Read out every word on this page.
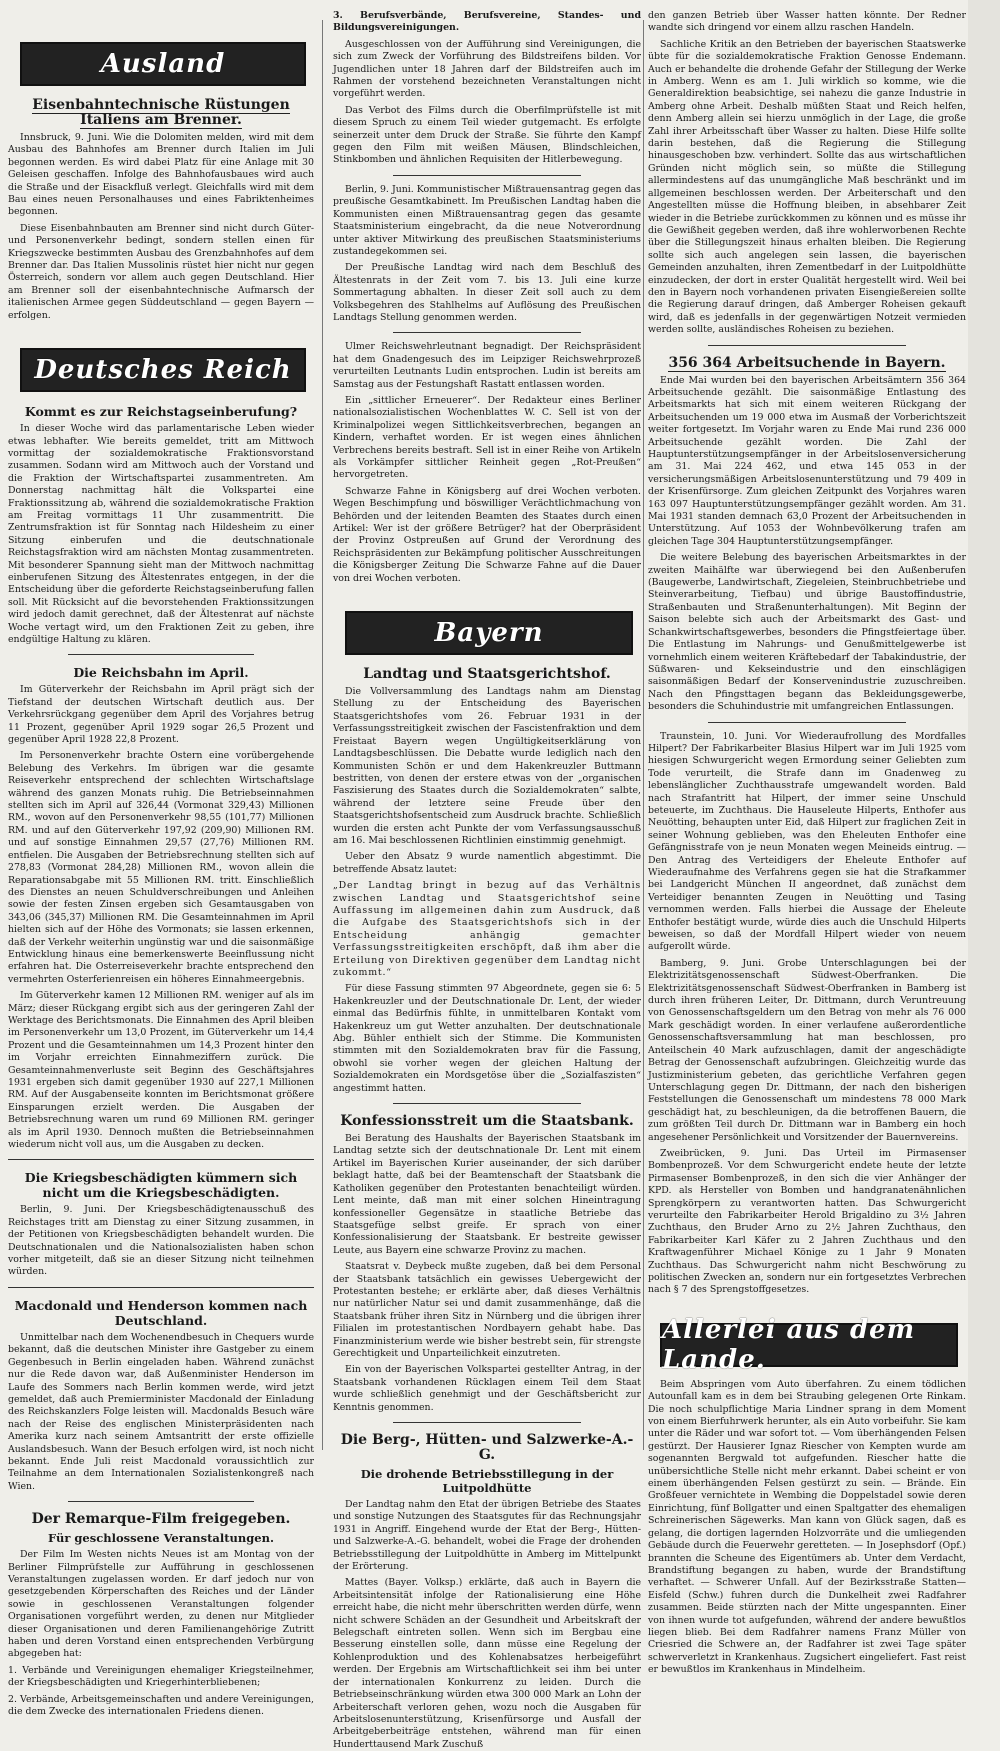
Ausland
Eisenbahntechnische Rüstungen Italiens am Brenner.

Innsbruck, 9. Juni. Wie die Dolomiten melden, wird mit dem Ausbau des Bahnhofes am Brenner durch Italien im Juli begonnen werden. Es wird dabei Platz für eine Anlage mit 30 Geleisen geschaffen. Infolge des Bahnhofausbaues wird auch die Straße und der Eisackfluß verlegt. Gleichfalls wird mit dem Bau eines neuen Personalhauses und eines Fabriktenheimes begonnen.

Diese Eisenbahnbauten am Brenner sind nicht durch Güter- und Personenverkehr bedingt, sondern stellen einen für Kriegszwecke bestimmten Ausbau des Grenzbahnhofes auf dem Brenner dar. Das Italien Mussolinis rüstet hier nicht nur gegen Österreich, sondern vor allem auch gegen Deutschland. Hier am Brenner soll der eisenbahntechnische Aufmarsch der italienischen Armee gegen Süddeutschland — gegen Bayern — erfolgen.

Deutsches Reich
Kommt es zur Reichstagseinberufung?

In dieser Woche wird das parlamentarische Leben wieder etwas lebhafter. Wie bereits gemeldet, tritt am Mittwoch vormittag der sozialdemokratische Fraktionsvorstand zusammen. Sodann wird am Mittwoch auch der Vorstand und die Fraktion der Wirtschaftspartei zusammentreten. Am Donnerstag nachmittag hält die Volkspartei eine Fraktionssitzung ab, während die sozialdemokratische Fraktion am Freitag vormittags 11 Uhr zusammentritt. Die Zentrumsfraktion ist für Sonntag nach Hildesheim zu einer Sitzung einberufen und die deutschnationale Reichstagsfraktion wird am nächsten Montag zusammentreten. Mit besonderer Spannung sieht man der Mittwoch nachmittag einberufenen Sitzung des Ältestenrates entgegen, in der die Entscheidung über die geforderte Reichstagseinberufung fallen soll. Mit Rücksicht auf die bevorstehenden Fraktionssitzungen wird jedoch damit gerechnet, daß der Ältestenrat auf nächste Woche vertagt wird, um den Fraktionen Zeit zu geben, ihre endgültige Haltung zu klären.

Die Reichsbahn im April.

Im Güterverkehr der Reichsbahn im April prägt sich der Tiefstand der deutschen Wirtschaft deutlich aus. Der Verkehrsrückgang gegenüber dem April des Vorjahres betrug 11 Prozent, gegenüber April 1929 sogar 26,5 Prozent und gegenüber April 1928 22,8 Prozent.

Im Personenverkehr brachte Ostern eine vorübergehende Belebung des Verkehrs. Im übrigen war die gesamte Reiseverkehr entsprechend der schlechten Wirtschaftslage während des ganzen Monats ruhig. Die Betriebseinnahmen stellten sich im April auf 326,44 (Vormonat 329,43) Millionen RM., wovon auf den Personenverkehr 98,55 (101,77) Millionen RM. und auf den Güterverkehr 197,92 (209,90) Millionen RM. und auf sonstige Einnahmen 29,57 (27,76) Millionen RM. entfielen. Die Ausgaben der Betriebsrechnung stellten sich auf 278,83 (Vormonat 284,28) Millionen RM., wovon allein die Reparationsabgabe mit 55 Millionen RM. tritt. Einschließlich des Dienstes an neuen Schuldverschreibungen und Anleihen sowie der festen Zinsen ergeben sich Gesamtausgaben von 343,06 (345,37) Millionen RM. Die Gesamteinnahmen im April hielten sich auf der Höhe des Vormonats; sie lassen erkennen, daß der Verkehr weiterhin ungünstig war und die saisonmäßige Entwicklung hinaus eine bemerkenswerte Beeinflussung nicht erfahren hat. Die Osterreiseverkehr brachte entsprechend den vermehrten Osterferienreisen ein höheres Einnahmeergebnis.

Im Güterverkehr kamen 12 Millionen RM. weniger auf als im März; dieser Rückgang ergibt sich aus der geringeren Zahl der Werktage des Berichtsmonats. Die Einnahmen des April bleiben im Personenverkehr um 13,0 Prozent, im Güterverkehr um 14,4 Prozent und die Gesamteinnahmen um 14,3 Prozent hinter den im Vorjahr erreichten Einnahmeziffern zurück. Die Gesamteinnahmenverluste seit Beginn des Geschäftsjahres 1931 ergeben sich damit gegenüber 1930 auf 227,1 Millionen RM. Auf der Ausgabenseite konnten im Berichtsmonat größere Einsparungen erzielt werden. Die Ausgaben der Betriebsrechnung waren um rund 69 Millionen RM. geringer als im April 1930. Dennoch mußten die Betriebseinnahmen wiederum nicht voll aus, um die Ausgaben zu decken.

Die Kriegsbeschädigten kümmern sich nicht um die Kriegsbeschädigten.

Berlin, 9. Juni. Der Kriegsbeschädigtenausschuß des Reichstages tritt am Dienstag zu einer Sitzung zusammen, in der Petitionen von Kriegsbeschädigten behandelt wurden. Die Deutschnationalen und die Nationalsozialisten haben schon vorher mitgeteilt, daß sie an dieser Sitzung nicht teilnehmen würden.

Macdonald und Henderson kommen nach Deutschland.

Unmittelbar nach dem Wochenendbesuch in Chequers wurde bekannt, daß die deutschen Minister ihre Gastgeber zu einem Gegenbesuch in Berlin eingeladen haben. Während zunächst nur die Rede davon war, daß Außenminister Henderson im Laufe des Sommers nach Berlin kommen werde, wird jetzt gemeldet, daß auch Premierminister Macdonald der Einladung des Reichskanzlers Folge leisten will. Macdonalds Besuch wäre nach der Reise des englischen Ministerpräsidenten nach Amerika kurz nach seinem Amtsantritt der erste offizielle Auslandsbesuch. Wann der Besuch erfolgen wird, ist noch nicht bekannt. Ende Juli reist Macdonald voraussichtlich zur Teilnahme an dem Internationalen Sozialistenkongreß nach Wien.

Der Remarque-Film freigegeben.
Für geschlossene Veranstaltungen.

Der Film Im Westen nichts Neues ist am Montag von der Berliner Filmprüfstelle zur Aufführung in geschlossenen Veranstaltungen zugelassen worden. Er darf jedoch nur von gesetzgebenden Körperschaften des Reiches und der Länder sowie in geschlossenen Veranstaltungen folgender Organisationen vorgeführt werden, zu denen nur Mitglieder dieser Organisationen und deren Familienangehörige Zutritt haben und deren Vorstand einen entsprechenden Verbürgung abgegeben hat:

1. Verbände und Vereinigungen ehemaliger Kriegsteilnehmer, der Kriegsbeschädigten und Kriegerhinterbliebenen;

2. Verbände, Arbeitsgemeinschaften und andere Vereinigungen, die dem Zwecke des internationalen Friedens dienen.

3. Berufsverbände, Berufsvereine, Standes- und Bildungsvereinigungen.

Ausgeschlossen von der Aufführung sind Vereinigungen, die sich zum Zweck der Vorführung des Bildstreifens bilden. Vor Jugendlichen unter 18 Jahren darf der Bildstreifen auch im Rahmen der vorstehend bezeichneten Veranstaltungen nicht vorgeführt werden.

Das Verbot des Films durch die Oberfilmprüfstelle ist mit diesem Spruch zu einem Teil wieder gutgemacht. Es erfolgte seinerzeit unter dem Druck der Straße. Sie führte den Kampf gegen den Film mit weißen Mäusen, Blindschleichen, Stinkbomben und ähnlichen Requisiten der Hitlerbewegung.

Berlin, 9. Juni. Kommunistischer Mißtrauensantrag gegen das preußische Gesamtkabinett. Im Preußischen Landtag haben die Kommunisten einen Mißtrauensantrag gegen das gesamte Staatsministerium eingebracht, da die neue Notverordnung unter aktiver Mitwirkung des preußischen Staatsministeriums zustandegekommen sei.

Der Preußische Landtag wird nach dem Beschluß des Ältestenrats in der Zeit vom 7. bis 13. Juli eine kurze Sommertagung abhalten. In dieser Zeit soll auch zu dem Volksbegehren des Stahlhelms auf Auflösung des Preußischen Landtags Stellung genommen werden.

Ulmer Reichswehrleutnant begnadigt. Der Reichspräsident hat dem Gnadengesuch des im Leipziger Reichswehrprozeß verurteilten Leutnants Ludin entsprochen. Ludin ist bereits am Samstag aus der Festungshaft Rastatt entlassen worden.

Ein „sittlicher Erneuerer“. Der Redakteur eines Berliner nationalsozialistischen Wochenblattes W. C. Sell ist von der Kriminalpolizei wegen Sittlichkeitsverbrechen, begangen an Kindern, verhaftet worden. Er ist wegen eines ähnlichen Verbrechens bereits bestraft. Sell ist in einer Reihe von Artikeln als Vorkämpfer sittlicher Reinheit gegen „Rot-Preußen“ hervorgetreten.

Schwarze Fahne in Königsberg auf drei Wochen verboten. Wegen Beschimpfung und böswilliger Verächtlichmachung von Behörden und der leitenden Beamten des Staates durch einen Artikel: Wer ist der größere Betrüger? hat der Oberpräsident der Provinz Ostpreußen auf Grund der Verordnung des Reichspräsidenten zur Bekämpfung politischer Ausschreitungen die Königsberger Zeitung Die Schwarze Fahne auf die Dauer von drei Wochen verboten.

Bayern
Landtag und Staatsgerichtshof.

Die Vollversammlung des Landtags nahm am Dienstag Stellung zu der Entscheidung des Bayerischen Staatsgerichtshofes vom 26. Februar 1931 in der Verfassungsstreitigkeit zwischen der Fascistenfraktion und dem Freistaat Bayern wegen Ungültigkeitserklärung von Landtagsbeschlüssen. Die Debatte wurde lediglich nach den Kommunisten Schön er und dem Hakenkreuzler Buttmann bestritten, von denen der erstere etwas von der „organischen Faszisierung des Staates durch die Sozialdemokraten“ salbte, während der letztere seine Freude über den Staatsgerichtshofsentscheid zum Ausdruck brachte. Schließlich wurden die ersten acht Punkte der vom Verfassungsausschuß am 16. Mai beschlossenen Richtlinien einstimmig genehmigt.

Ueber den Absatz 9 wurde namentlich abgestimmt. Die betreffende Absatz lautet:

„Der Landtag bringt in bezug auf das Verhältnis zwischen Landtag und Staatsgerichtshof seine Auffassung im allgemeinen dahin zum Ausdruck, daß die Aufgabe des Staatsgerichtshofs sich in der Entscheidung anhängig gemachter Verfassungsstreitigkeiten erschöpft, daß ihm aber die Erteilung von Direktiven gegenüber dem Landtag nicht zukommt.“

Für diese Fassung stimmten 97 Abgeordnete, gegen sie 6: 5 Hakenkreuzler und der Deutschnationale Dr. Lent, der wieder einmal das Bedürfnis fühlte, in unmittelbaren Kontakt vom Hakenkreuz um gut Wetter anzuhalten. Der deutschnationale Abg. Bühler enthielt sich der Stimme. Die Kommunisten stimmten mit den Sozialdemokraten brav für die Fassung, obwohl sie vorher wegen der gleichen Haltung der Sozialdemokraten ein Mordsgetöse über die „Sozialfaszisten“ angestimmt hatten.

Konfessionsstreit um die Staatsbank.

Bei Beratung des Haushalts der Bayerischen Staatsbank im Landtag setzte sich der deutschnationale Dr. Lent mit einem Artikel im Bayerischen Kurier auseinander, der sich darüber beklagt hatte, daß bei der Beamtenschaft der Staatsbank die Katholiken gegenüber den Protestanten benachteiligt würden. Lent meinte, daß man mit einer solchen Hineintragung konfessioneller Gegensätze in staatliche Betriebe das Staatsgefüge selbst greife. Er sprach von einer Konfessionalisierung der Staatsbank. Er bestreite gewisser Leute, aus Bayern eine schwarze Provinz zu machen.

Staatsrat v. Deybeck mußte zugeben, daß bei dem Personal der Staatsbank tatsächlich ein gewisses Uebergewicht der Protestanten bestehe; er erklärte aber, daß dieses Verhältnis nur natürlicher Natur sei und damit zusammenhänge, daß die Staatsbank früher ihren Sitz in Nürnberg und die übrigen ihrer Filialen im protestantischen Nordbayern gehabt habe. Das Finanzministerium werde wie bisher bestrebt sein, für strengste Gerechtigkeit und Unparteilichkeit einzutreten.

Ein von der Bayerischen Volkspartei gestellter Antrag, in der Staatsbank vorhandenen Rücklagen einem Teil dem Staat wurde schließlich genehmigt und der Geschäftsbericht zur Kenntnis genommen.

Die Berg-, Hütten- und Salzwerke-A.-G.
Die drohende Betriebsstillegung in der Luitpoldhütte

Der Landtag nahm den Etat der übrigen Betriebe des Staates und sonstige Nutzungen des Staatsgutes für das Rechnungsjahr 1931 in Angriff. Eingehend wurde der Etat der Berg-, Hütten- und Salzwerke-A.-G. behandelt, wobei die Frage der drohenden Betriebsstillegung der Luitpoldhütte in Amberg im Mittelpunkt der Erörterung.

Mattes (Bayer. Volksp.) erklärte, daß auch in Bayern die Arbeitsintensität infolge der Rationalisierung eine Höhe erreicht habe, die nicht mehr überschritten werden dürfe, wenn nicht schwere Schäden an der Gesundheit und Arbeitskraft der Belegschaft eintreten sollen. Wenn sich im Bergbau eine Besserung einstellen solle, dann müsse eine Regelung der Kohlenproduktion und des Kohlenabsatzes herbeigeführt werden. Der Ergebnis am Wirtschaftlichkeit sei ihm bei unter der internationalen Konkurrenz zu leiden. Durch die Betriebseinschränkung würden etwa 300 000 Mark an Lohn der Arbeiterschaft verloren gehen, wozu noch die Ausgaben für Arbeitslosenunterstützung, Krisenfürsorge und Ausfall der Arbeitgeberbeiträge entstehen, während man für einen Hunderttausend Mark Zuschuß

den ganzen Betrieb über Wasser hatten könnte. Der Redner wandte sich dringend vor einem allzu raschen Handeln.

Sachliche Kritik an den Betrieben der bayerischen Staatswerke übte für die sozialdemokratische Fraktion Genosse Endemann. Auch er behandelte die drohende Gefahr der Stillegung der Werke in Amberg. Wenn es am 1. Juli wirklich so komme, wie die Generaldirektion beabsichtige, sei nahezu die ganze Industrie in Amberg ohne Arbeit. Deshalb müßten Staat und Reich helfen, denn Amberg allein sei hierzu unmöglich in der Lage, die große Zahl ihrer Arbeitsschaft über Wasser zu halten. Diese Hilfe sollte darin bestehen, daß die Regierung die Stillegung hinausgeschoben bzw. verhindert. Sollte das aus wirtschaftlichen Gründen nicht möglich sein, so müßte die Stillegung allermindestens auf das unumgängliche Maß beschränkt und im allgemeinen beschlossen werden. Der Arbeiterschaft und den Angestellten müsse die Hoffnung bleiben, in absehbarer Zeit wieder in die Betriebe zurückkommen zu können und es müsse ihr die Gewißheit gegeben werden, daß ihre wohlerworbenen Rechte über die Stillegungszeit hinaus erhalten bleiben. Die Regierung sollte sich auch angelegen sein lassen, die bayerischen Gemeinden anzuhalten, ihren Zementbedarf in der Luitpoldhütte einzudecken, der dort in erster Qualität hergestellt wird. Weil bei den in Bayern noch vorhandenen privaten Eisengießereien sollte die Regierung darauf dringen, daß Amberger Roheisen gekauft wird, daß es jedenfalls in der gegenwärtigen Notzeit vermieden werden sollte, ausländisches Roheisen zu beziehen.

356 364 Arbeitsuchende in Bayern.

Ende Mai wurden bei den bayerischen Arbeitsämtern 356 364 Arbeitsuchende gezählt. Die saisonmäßige Entlastung des Arbeitsmarkts hat sich mit einem weiteren Rückgang der Arbeitsuchenden um 19 000 etwa im Ausmaß der Vorberichtszeit weiter fortgesetzt. Im Vorjahr waren zu Ende Mai rund 236 000 Arbeitsuchende gezählt worden. Die Zahl der Hauptunterstützungsempfänger in der Arbeitslosenversicherung am 31. Mai 224 462, und etwa 145 053 in der versicherungsmäßigen Arbeitslosenunterstützung und 79 409 in der Krisenfürsorge. Zum gleichen Zeitpunkt des Vorjahres waren 163 097 Hauptunterstützungsempfänger gezählt worden. Am 31. Mai 1931 standen demnach 63,0 Prozent der Arbeitsuchenden in Unterstützung. Auf 1053 der Wohnbevölkerung trafen am gleichen Tage 304 Hauptunterstützungsempfänger.

Die weitere Belebung des bayerischen Arbeitsmarktes in der zweiten Maihälfte war überwiegend bei den Außenberufen (Baugewerbe, Landwirtschaft, Ziegeleien, Steinbruchbetriebe und Steinverarbeitung, Tiefbau) und übrige Baustoffindustrie, Straßenbauten und Straßenunterhaltungen). Mit Beginn der Saison belebte sich auch der Arbeitsmarkt des Gast- und Schankwirtschaftsgewerbes, besonders die Pfingstfeiertage über. Die Entlastung im Nahrungs- und Genußmittelgewerbe ist vornehmlich einem weiteren Kräftebedarf der Tabakindustrie, der Süßwaren- und Kekseindustrie und den einschlägigen saisonmäßigen Bedarf der Konservenindustrie zuzuschreiben. Nach den Pfingsttagen begann das Bekleidungsgewerbe, besonders die Schuhindustrie mit umfangreichen Entlassungen.

Traunstein, 10. Juni. Vor Wiederaufrollung des Mordfalles Hilpert? Der Fabrikarbeiter Blasius Hilpert war im Juli 1925 vom hiesigen Schwurgericht wegen Ermordung seiner Geliebten zum Tode verurteilt, die Strafe dann im Gnadenweg zu lebenslänglicher Zuchthausstrafe umgewandelt worden. Bald nach Strafantritt hat Hilpert, der immer seine Unschuld beteuerte, im Zuchthaus. Die Hauseleute Hilperts, Enthofer aus Neuötting, behaupten unter Eid, daß Hilpert zur fraglichen Zeit in seiner Wohnung geblieben, was den Eheleuten Enthofer eine Gefängnisstrafe von je neun Monaten wegen Meineids eintrug. — Den Antrag des Verteidigers der Eheleute Enthofer auf Wiederaufnahme des Verfahrens gegen sie hat die Strafkammer bei Landgericht München II angeordnet, daß zunächst dem Verteidiger benannten Zeugen in Neuötting und Tasing vernommen werden. Falls hierbei die Aussage der Eheleute Enthofer bestätigt wurde, würde dies auch die Unschuld Hilperts beweisen, so daß der Mordfall Hilpert wieder von neuem aufgerollt würde.

Bamberg, 9. Juni. Grobe Unterschlagungen bei der Elektrizitätsgenossenschaft Südwest-Oberfranken. Die Elektrizitätsgenossenschaft Südwest-Oberfranken in Bamberg ist durch ihren früheren Leiter, Dr. Dittmann, durch Veruntreuung von Genossenschaftsgeldern um den Betrag von mehr als 76 000 Mark geschädigt worden. In einer verlaufene außerordentliche Genossenschaftsversammlung hat man beschlossen, pro Anteilschein 40 Mark aufzuschlagen, damit der angeschädigte Betrag der Genossenschaft aufzubringen. Gleichzeitig wurde das Justizministerium gebeten, das gerichtliche Verfahren gegen Unterschlagung gegen Dr. Dittmann, der nach den bisherigen Feststellungen die Genossenschaft um mindestens 78 000 Mark geschädigt hat, zu beschleunigen, da die betroffenen Bauern, die zum größten Teil durch Dr. Dittmann war in Bamberg ein hoch angesehener Persönlichkeit und Vorsitzender der Bauernvereins.

Zweibrücken, 9. Juni. Das Urteil im Pirmasenser Bombenprozeß. Vor dem Schwurgericht endete heute der letzte Pirmasenser Bombenprozeß, in den sich die vier Anhänger der KPD. als Hersteller von Bomben und handgranatenähnlichen Sprengkörpern zu verantworten hatten. Das Schwurgericht verurteilte den Fabrikarbeiter Herold Brigaldino zu 3½ Jahren Zuchthaus, den Bruder Arno zu 2½ Jahren Zuchthaus, den Fabrikarbeiter Karl Käfer zu 2 Jahren Zuchthaus und den Kraftwagenführer Michael Könige zu 1 Jahr 9 Monaten Zuchthaus. Das Schwurgericht nahm nicht Beschwörung zu politischen Zwecken an, sondern nur ein fortgesetztes Verbrechen nach § 7 des Sprengstoffgesetzes.

Allerlei aus dem Lande.

Beim Abspringen vom Auto überfahren. Zu einem tödlichen Autounfall kam es in dem bei Straubing gelegenen Orte Rinkam. Die noch schulpflichtige Maria Lindner sprang in dem Moment von einem Bierfuhrwerk herunter, als ein Auto vorbeifuhr. Sie kam unter die Räder und war sofort tot. — Vom überhängenden Felsen gestürzt. Der Hausierer Ignaz Riescher von Kempten wurde am sogenannten Bergwald tot aufgefunden. Riescher hatte die unübersichtliche Stelle nicht mehr erkannt. Dabei scheint er von einem überhängenden Felsen gestürzt zu sein. — Brände. Ein Großfeuer vernichtete in Wembing die Doppelstadel sowie deren Einrichtung, fünf Bollgatter und einen Spaltgatter des ehemaligen Schreinerischen Sägewerks. Man kann von Glück sagen, daß es gelang, die dortigen lagernden Holzvorräte und die umliegenden Gebäude durch die Feuerwehr geretteten. — In Josephsdorf (Opf.) brannten die Scheune des Eigentümers ab. Unter dem Verdacht, Brandstiftung begangen zu haben, wurde der Brandstiftung verhaftet. — Schwerer Unfall. Auf der Bezirksstraße Statten—Eisfeld (Schw.) fuhren durch die Dunkelheit zwei Radfahrer zusammen. Beide stürzten nach der Mitte ungespannten. Einer von ihnen wurde tot aufgefunden, während der andere bewußtlos liegen blieb. Bei dem Radfahrer namens Franz Müller von Criesried die Schwere an, der Radfahrer ist zwei Tage später schwerverletzt in Krankenhaus. Zugsichert eingeliefert. Fast reist er bewußtlos im Krankenhaus in Mindelheim.
